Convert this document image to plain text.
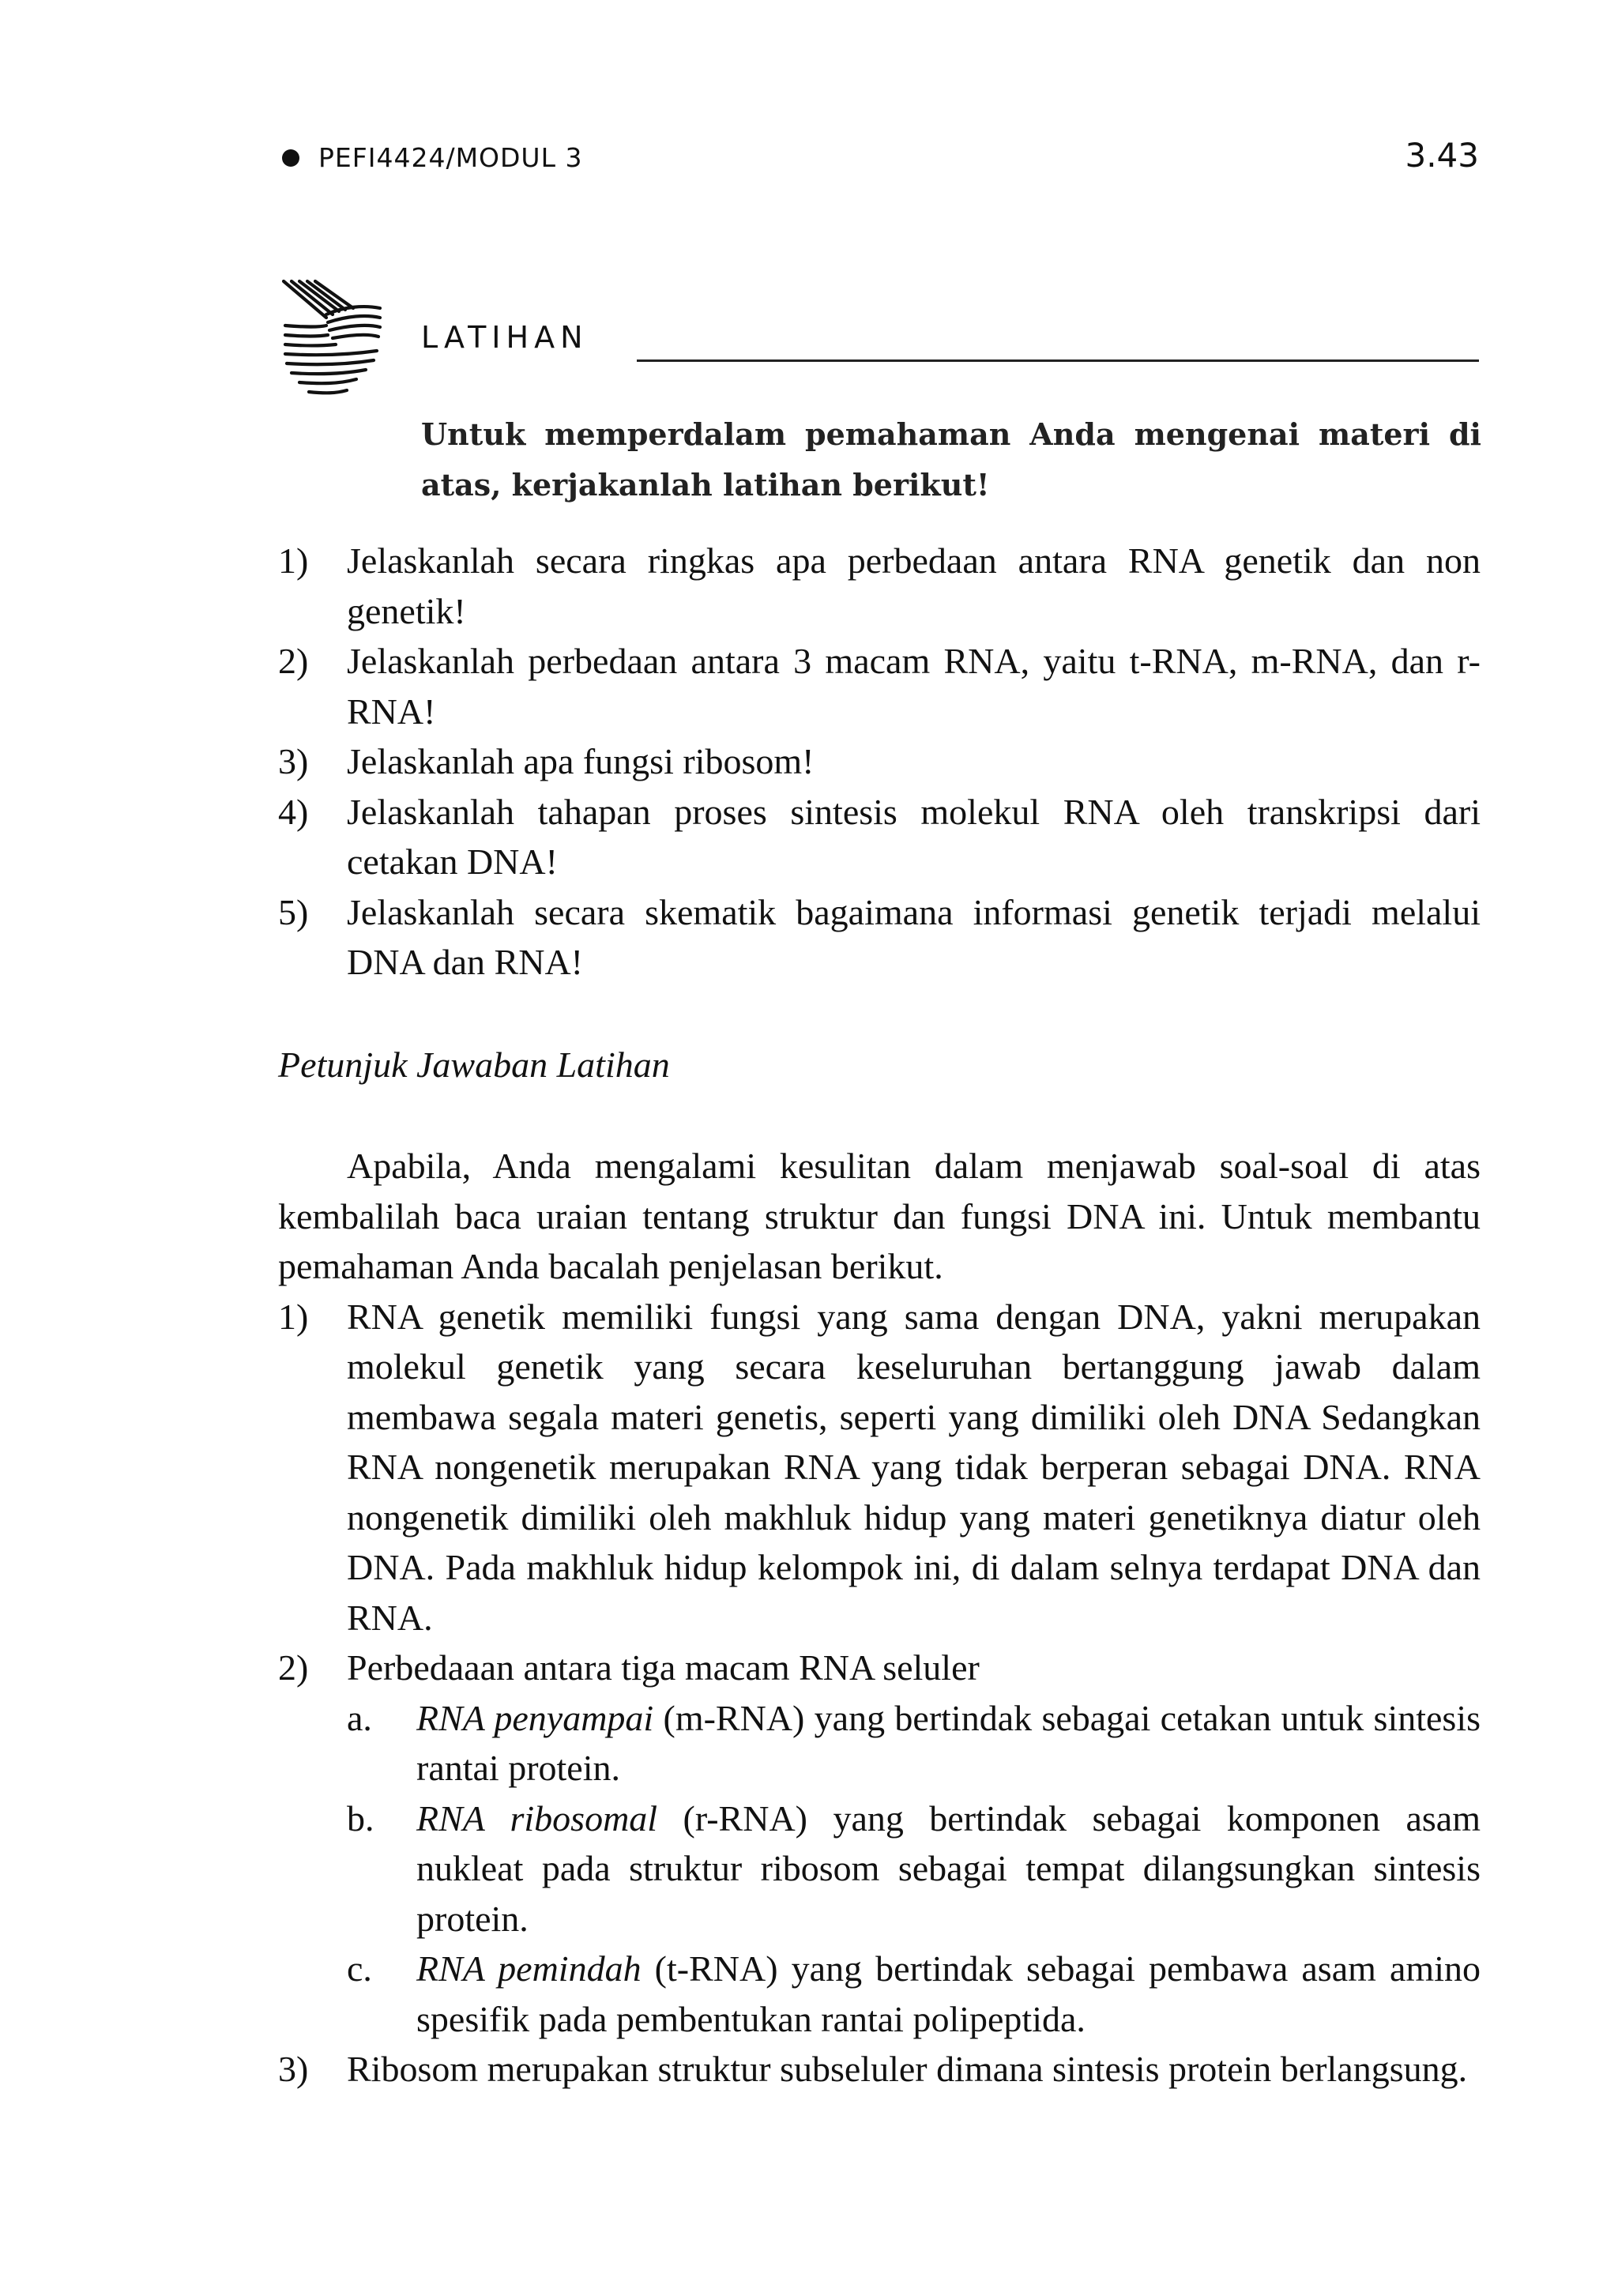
PEFI4424/MODUL 3	3.43
LATIHAN
Untuk memperdalam pemahaman Anda mengenai materi di atas, kerjakanlah latihan berikut!
1)	Jelaskanlah secara ringkas apa perbedaan antara RNA genetik dan non genetik!
2)	Jelaskanlah perbedaan antara 3 macam RNA, yaitu t-RNA, m-RNA, dan r-RNA!
3)	Jelaskanlah apa fungsi ribosom!
4)	Jelaskanlah tahapan proses sintesis molekul RNA oleh transkripsi dari cetakan DNA!
5)	Jelaskanlah secara skematik bagaimana informasi genetik terjadi melalui DNA dan RNA!
Petunjuk Jawaban Latihan
Apabila, Anda mengalami kesulitan dalam menjawab soal-soal di atas kembalilah baca uraian tentang struktur dan fungsi DNA ini. Untuk membantu pemahaman Anda bacalah penjelasan berikut.
1)	RNA genetik memiliki fungsi yang sama dengan DNA, yakni merupakan molekul genetik yang secara keseluruhan bertanggung jawab dalam membawa segala materi genetis, seperti yang dimiliki oleh DNA Sedangkan RNA nongenetik merupakan RNA yang tidak berperan sebagai DNA. RNA nongenetik dimiliki oleh makhluk hidup yang materi genetiknya diatur oleh DNA. Pada makhluk hidup kelompok ini, di dalam selnya terdapat DNA dan RNA.
2)	Perbedaaan antara tiga macam RNA seluler
a.	RNA penyampai (m-RNA) yang bertindak sebagai cetakan untuk sintesis rantai protein.
b.	RNA ribosomal (r-RNA) yang bertindak sebagai komponen asam nukleat pada struktur ribosom sebagai tempat dilangsungkan sintesis protein.
c.	RNA pemindah (t-RNA) yang bertindak sebagai pembawa asam amino spesifik pada pembentukan rantai polipeptida.
3)	Ribosom merupakan struktur subseluler dimana sintesis protein berlangsung.
